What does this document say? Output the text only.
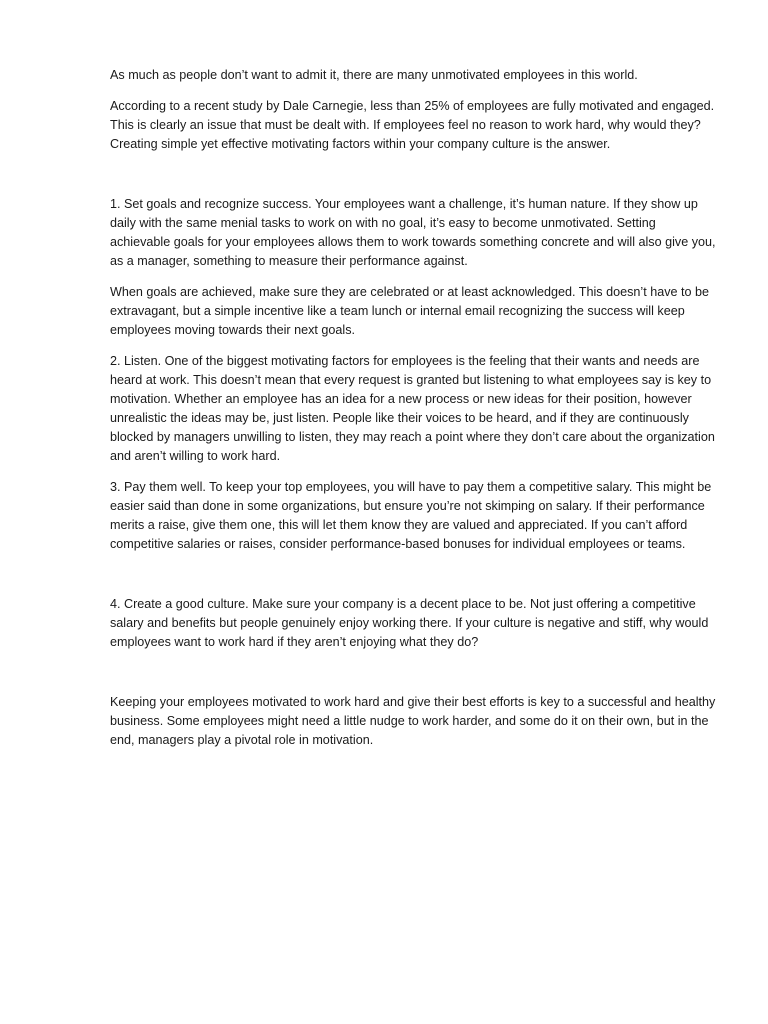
As much as people don’t want to admit it, there are many unmotivated employees in this world.

According to a recent study by Dale Carnegie, less than 25% of employees are fully motivated and engaged. This is clearly an issue that must be dealt with. If employees feel no reason to work hard, why would they? Creating simple yet effective motivating factors within your company culture is the answer.

1. Set goals and recognize success. Your employees want a challenge, it’s human nature. If they show up daily with the same menial tasks to work on with no goal, it’s easy to become unmotivated. Setting achievable goals for your employees allows them to work towards something concrete and will also give you, as a manager, something to measure their performance against.

When goals are achieved, make sure they are celebrated or at least acknowledged. This doesn’t have to be extravagant, but a simple incentive like a team lunch or internal email recognizing the success will keep employees moving towards their next goals.

2. Listen. One of the biggest motivating factors for employees is the feeling that their wants and needs are heard at work. This doesn’t mean that every request is granted but listening to what employees say is key to motivation. Whether an employee has an idea for a new process or new ideas for their position, however unrealistic the ideas may be, just listen. People like their voices to be heard, and if they are continuously blocked by managers unwilling to listen, they may reach a point where they don’t care about the organization and aren’t willing to work hard.

3. Pay them well. To keep your top employees, you will have to pay them a competitive salary. This might be easier said than done in some organizations, but ensure you’re not skimping on salary. If their performance merits a raise, give them one, this will let them know they are valued and appreciated. If you can’t afford competitive salaries or raises, consider performance-based bonuses for individual employees or teams.

4. Create a good culture. Make sure your company is a decent place to be. Not just offering a competitive salary and benefits but people genuinely enjoy working there. If your culture is negative and stiff, why would employees want to work hard if they aren’t enjoying what they do?

Keeping your employees motivated to work hard and give their best efforts is key to a successful and healthy business. Some employees might need a little nudge to work harder, and some do it on their own, but in the end, managers play a pivotal role in motivation.
